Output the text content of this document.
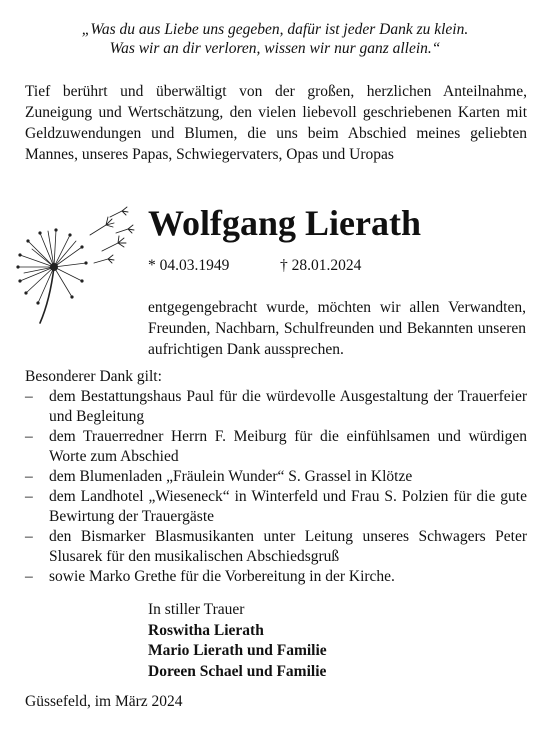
„Was du aus Liebe uns gegeben, dafür ist jeder Dank zu klein.
Was wir an dir verloren, wissen wir nur ganz allein.“

Tief berührt und überwältigt von der großen, herzlichen Anteilnahme, Zuneigung und Wertschätzung, den vielen liebevoll geschriebenen Karten mit Geldzuwendungen und Blumen, die uns beim Abschied meines geliebten Mannes, unseres Papas, Schwiegervaters, Opas und Uropas

Wolfgang Lierath
* 04.03.1949	† 28.01.2024

entgegengebracht wurde, möchten wir allen Verwandten, Freunden, Nachbarn, Schulfreunden und Bekannten unseren aufrichtigen Dank aussprechen.

Besonderer Dank gilt:
– dem Bestattungshaus Paul für die würdevolle Ausgestaltung der Trauerfeier und Begleitung
– dem Trauerredner Herrn F. Meiburg für die einfühlsamen und würdigen Worte zum Abschied
– dem Blumenladen „Fräulein Wunder“ S. Grassel in Klötze
– dem Landhotel „Wieseneck“ in Winterfeld und Frau S. Polzien für die gute Bewirtung der Trauergäste
– den Bismarker Blasmusikanten unter Leitung unseres Schwagers Peter Slusarek für den musikalischen Abschiedsgruß
– sowie Marko Grethe für die Vorbereitung in der Kirche.
In stiller Trauer
Roswitha Lierath
Mario Lierath und Familie
Doreen Schael und Familie
Güssefeld, im März 2024
